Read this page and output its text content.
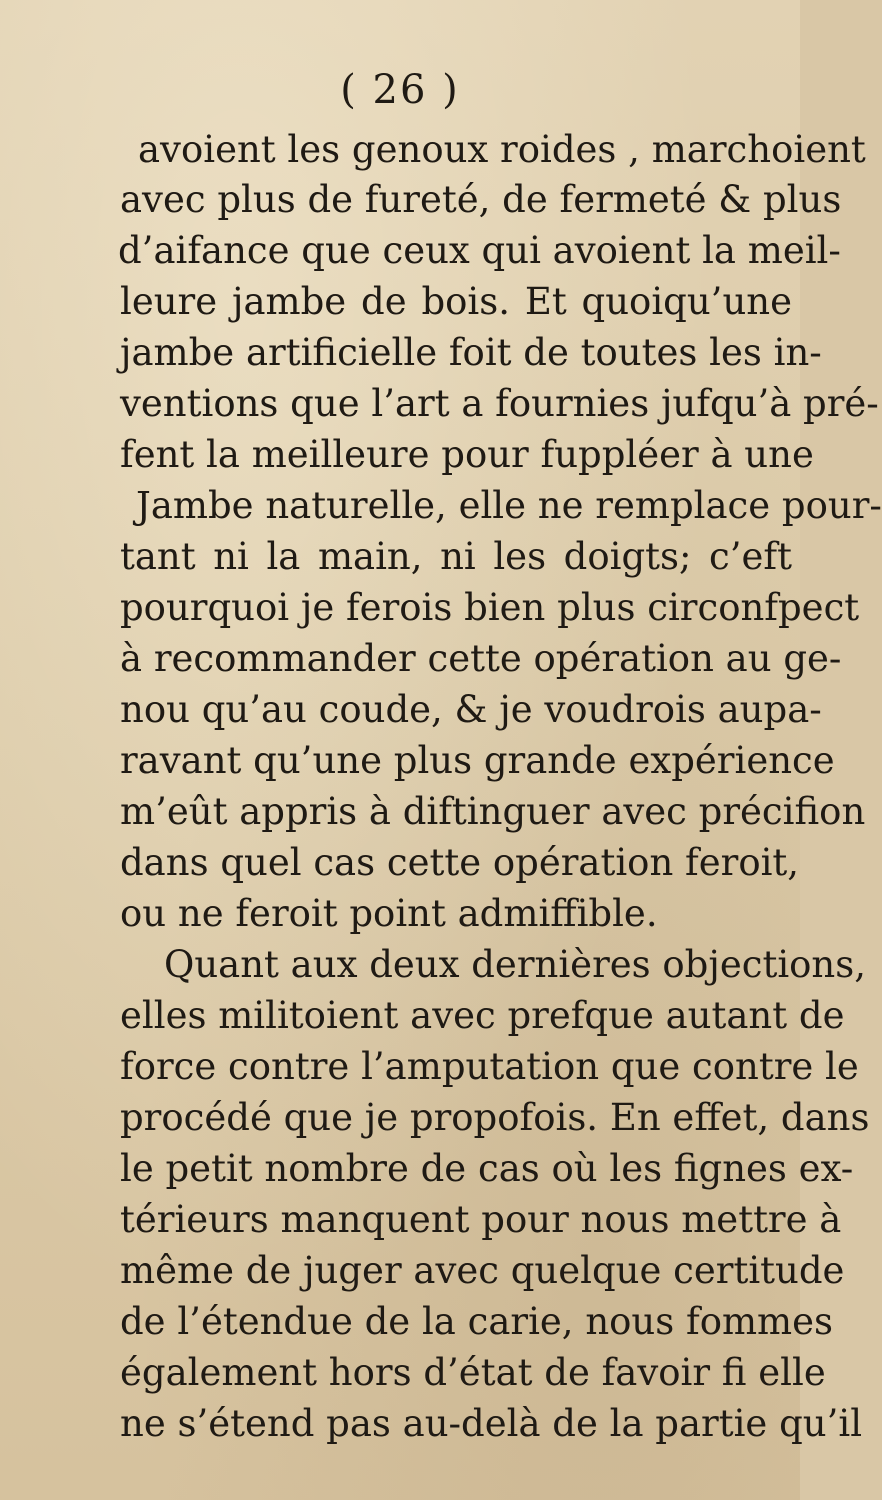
( 26 )
avoient les genoux roides , marchoient
avec plus de fureté, de fermeté & plus
d’aifance que ceux qui avoient la meil-
leure jambe de bois. Et quoiqu’une
jambe artificielle foit de toutes les in-
ventions que l’art a fournies jufqu’à pré-
fent la meilleure pour fuppléer à une
Jambe naturelle, elle ne remplace pour-
tant ni la main, ni les doigts; c’eft
pourquoi je ferois bien plus circonfpect
à recommander cette opération au ge-
nou qu’au coude, & je voudrois aupa-
ravant qu’une plus grande expérience
m’eût appris à diftinguer avec précifion
dans quel cas cette opération feroit,
ou ne feroit point admiffible.
Quant aux deux dernières objections,
elles militoient avec prefque autant de
force contre l’amputation que contre le
procédé que je propofois. En effet, dans
le petit nombre de cas où les fignes ex-
térieurs manquent pour nous mettre à
même de juger avec quelque certitude
de l’étendue de la carie, nous fommes
également hors d’état de favoir fi elle
ne s’étend pas au-delà de la partie qu’il
